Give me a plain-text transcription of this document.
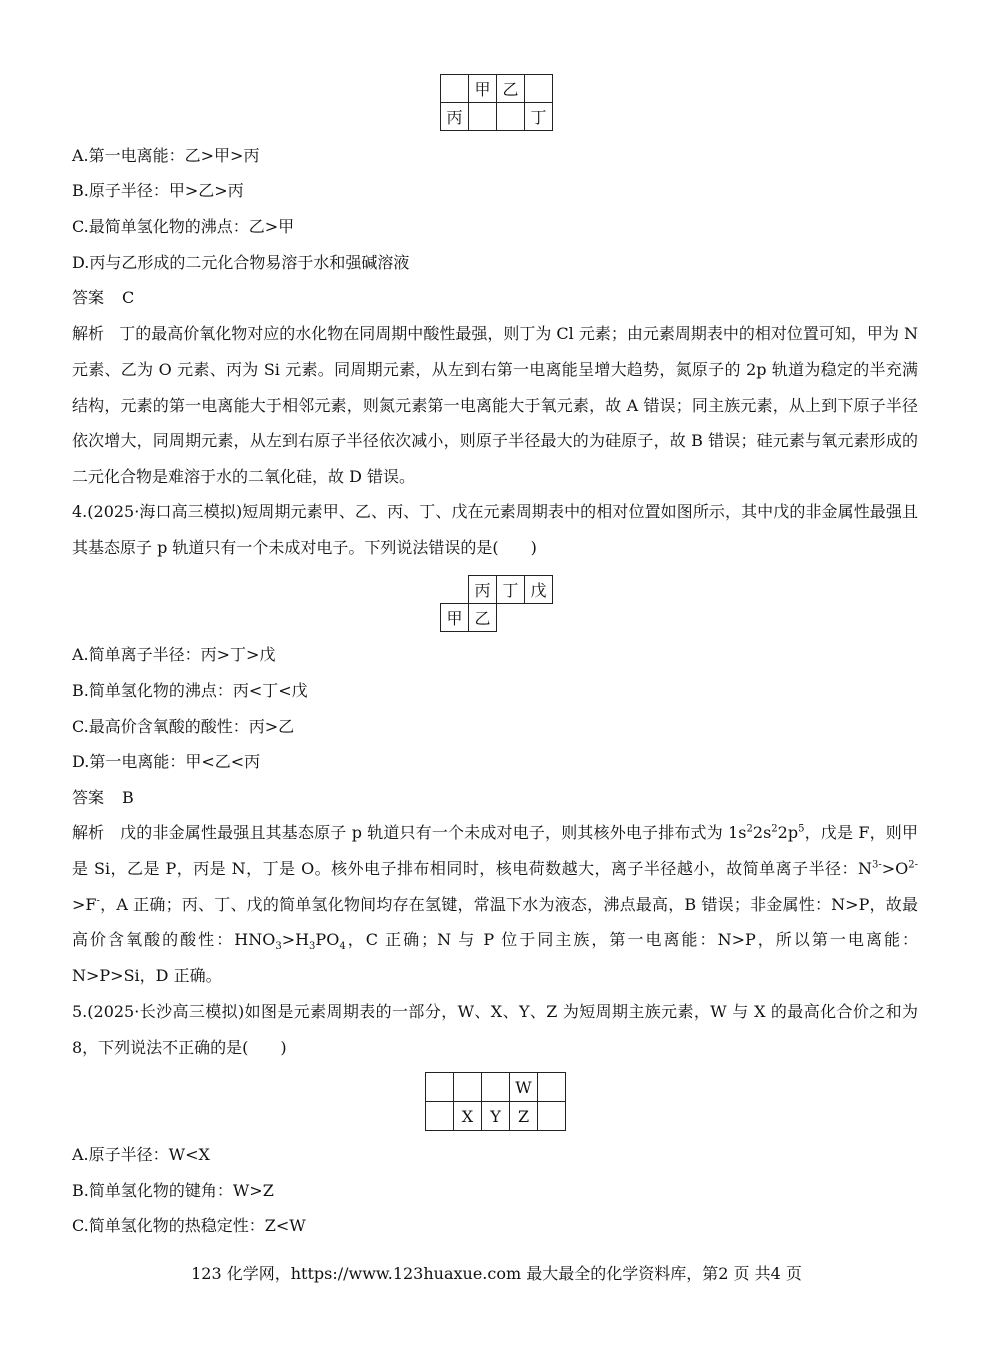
	甲	乙	
丙			丁
A.第一电离能：乙>甲>丙
B.原子半径：甲>乙>丙
C.最简单氢化物的沸点：乙>甲
D.丙与乙形成的二元化合物易溶于水和强碱溶液
答案 C
解析 丁的最高价氧化物对应的水化物在同周期中酸性最强，则丁为 Cl 元素；由元素周期表中的相对位置可知，甲为 N 元素、乙为 O 元素、丙为 Si 元素。同周期元素，从左到右第一电离能呈增大趋势，氮原子的 2p 轨道为稳定的半充满结构，元素的第一电离能大于相邻元素，则氮元素第一电离能大于氧元素，故 A 错误；同主族元素，从上到下原子半径依次增大，同周期元素，从左到右原子半径依次减小，则原子半径最大的为硅原子，故 B 错误；硅元素与氧元素形成的二元化合物是难溶于水的二氧化硅，故 D 错误。
4.(2025·海口高三模拟)短周期元素甲、乙、丙、丁、戊在元素周期表中的相对位置如图所示，其中戊的非金属性最强且其基态原子 p 轨道只有一个未成对电子。下列说法错误的是(　　)
	丙	丁	戊
甲	乙		
A.简单离子半径：丙>丁>戊
B.简单氢化物的沸点：丙<丁<戊
C.最高价含氧酸的酸性：丙>乙
D.第一电离能：甲<乙<丙
答案 B
解析 戊的非金属性最强且其基态原子 p 轨道只有一个未成对电子，则其核外电子排布式为 $1s^22s^22p^5$，戊是 F，则甲是 Si，乙是 P，丙是 N，丁是 O。核外电子排布相同时，核电荷数越大，离子半径越小，故简单离子半径：$N^{3-}>O^{2-}>F^-$，A 正确；丙、丁、戊的简单氢化物间均存在氢键，常温下水为液态，沸点最高，B 错误；非金属性：N>P，故最高价含氧酸的酸性：$HNO_3>H_3PO_4$，C 正确；N 与 P 位于同主族，第一电离能：N>P，所以第一电离能：N>P>Si，D 正确。
5.(2025·长沙高三模拟)如图是元素周期表的一部分，W、X、Y、Z 为短周期主族元素，W 与 X 的最高化合价之和为 8，下列说法不正确的是(　　)
			W	
	X	Y	Z	
A.原子半径：W<X
B.简单氢化物的键角：W>Z
C.简单氢化物的热稳定性：Z<W
123 化学网，https://www.123huaxue.com 最大最全的化学资料库，第2 页 共4 页
